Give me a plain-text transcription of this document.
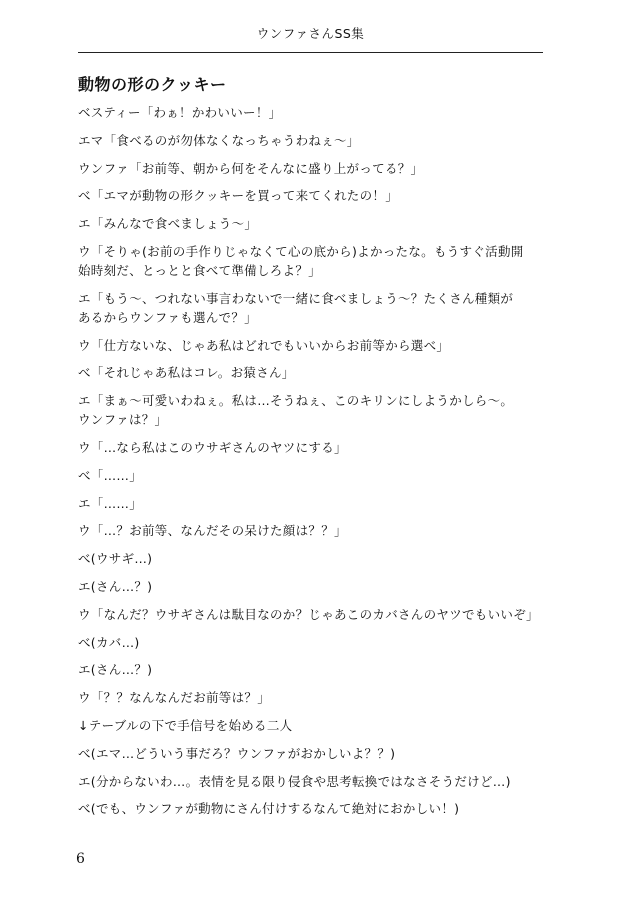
ウンファさんSS集
動物の形のクッキー
ベスティー「わぁ！かわいいー！」
エマ「食べるのが勿体なくなっちゃうわねぇ～」
ウンファ「お前等、朝から何をそんなに盛り上がってる？」
べ「エマが動物の形クッキーを買って来てくれたの！」
エ「みんなで食べましょう～」
ウ「そりゃ(お前の手作りじゃなくて心の底から)よかったな。もうすぐ活動開
始時刻だ、とっとと食べて準備しろよ？」
エ「もう～、つれない事言わないで一緒に食べましょう～？たくさん種類が
あるからウンファも選んで？」
ウ「仕方ないな、じゃあ私はどれでもいいからお前等から選べ」
べ「それじゃあ私はコレ。お猿さん」
エ「まぁ～可愛いわねぇ。私は…そうねぇ、このキリンにしようかしら～。
ウンファは？」
ウ「…なら私はこのウサギさんのヤツにする」
べ「……」
エ「……」
ウ「…？お前等、なんだその呆けた顔は？？」
べ(ウサギ…)
エ(さん…？)
ウ「なんだ？ウサギさんは駄目なのか？じゃあこのカバさんのヤツでもいいぞ」
べ(カバ…)
エ(さん…？)
ウ「？？なんなんだお前等は？」
↓テーブルの下で手信号を始める二人
べ(エマ…どういう事だろ？ウンファがおかしいよ？？)
エ(分からないわ…。表情を見る限り侵食や思考転換ではなさそうだけど…)
べ(でも、ウンファが動物にさん付けするなんて絶対におかしい！)
6
